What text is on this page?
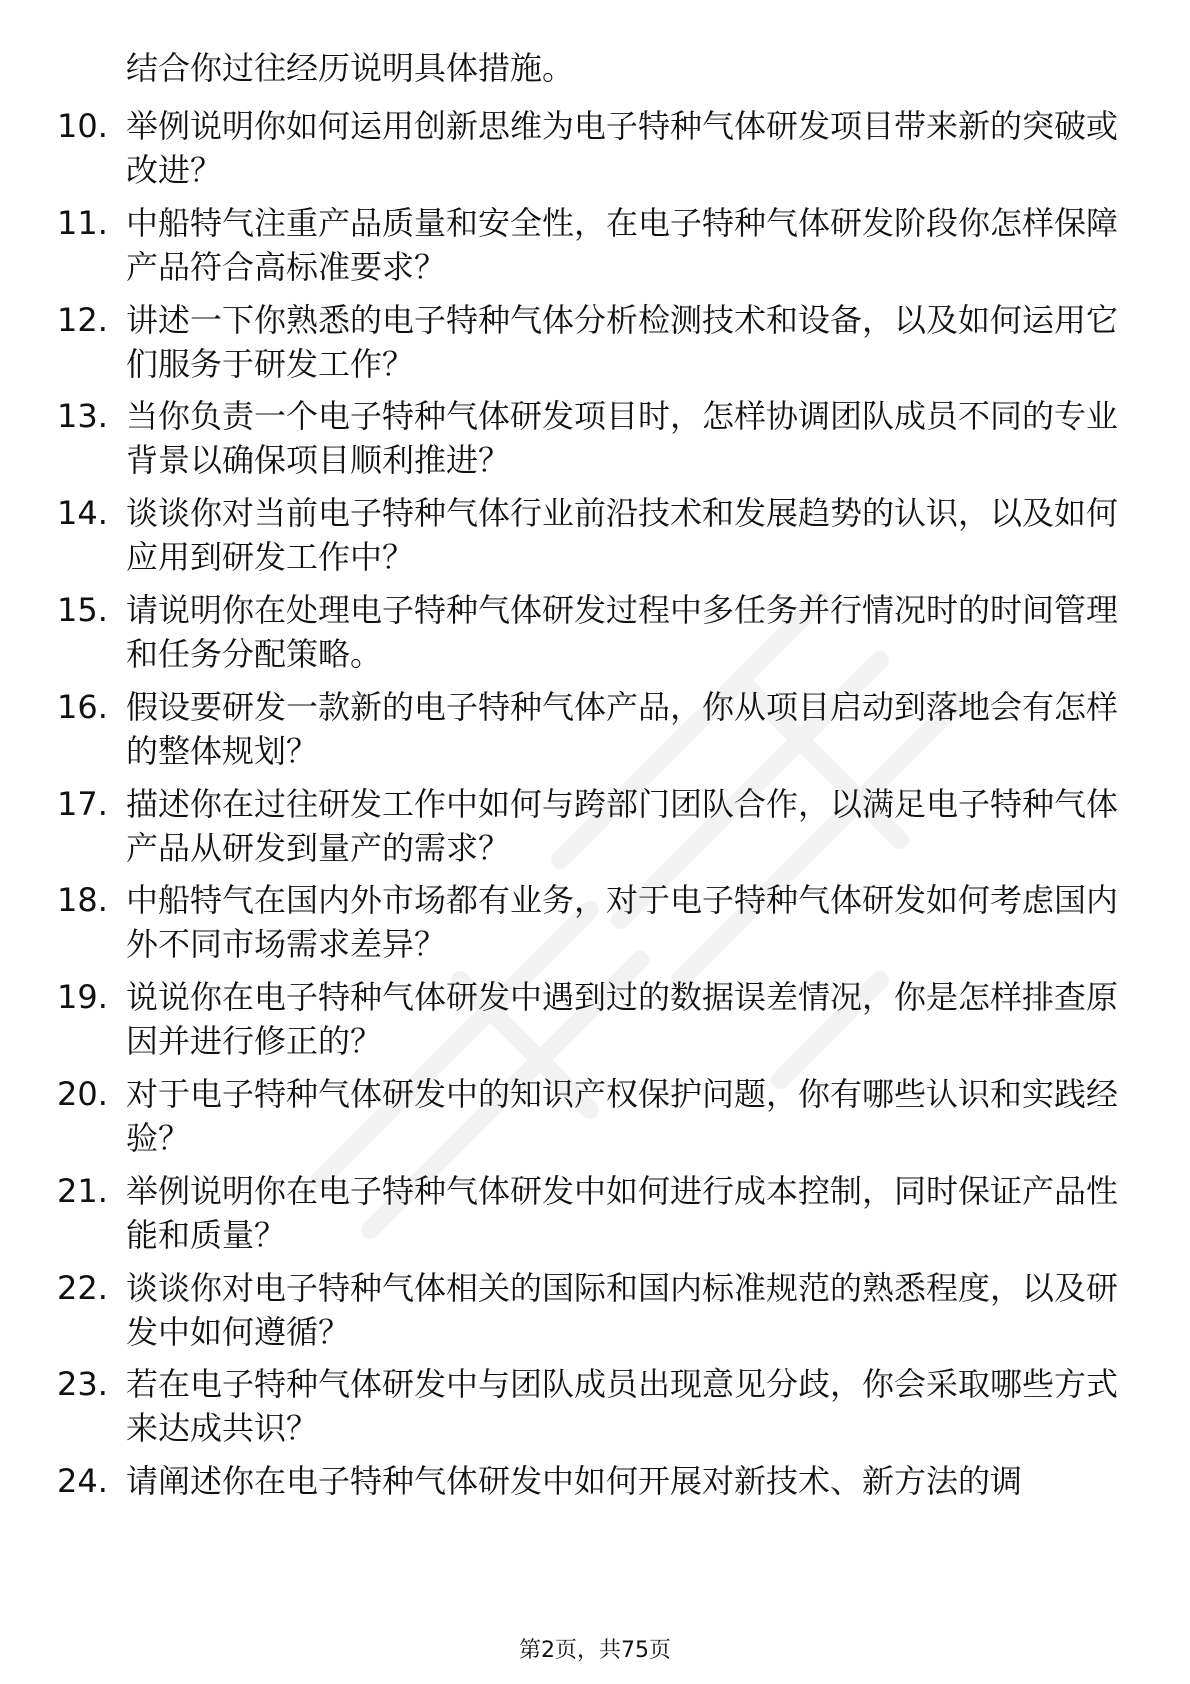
结合你过往经历说明具体措施。
10. 举例说明你如何运用创新思维为电子特种气体研发项目带来新的突破或改进？
11. 中船特气注重产品质量和安全性，在电子特种气体研发阶段你怎样保障产品符合高标准要求？
12. 讲述一下你熟悉的电子特种气体分析检测技术和设备，以及如何运用它们服务于研发工作？
13. 当你负责一个电子特种气体研发项目时，怎样协调团队成员不同的专业背景以确保项目顺利推进？
14. 谈谈你对当前电子特种气体行业前沿技术和发展趋势的认识，以及如何应用到研发工作中？
15. 请说明你在处理电子特种气体研发过程中多任务并行情况时的时间管理和任务分配策略。
16. 假设要研发一款新的电子特种气体产品，你从项目启动到落地会有怎样的整体规划？
17. 描述你在过往研发工作中如何与跨部门团队合作，以满足电子特种气体产品从研发到量产的需求？
18. 中船特气在国内外市场都有业务，对于电子特种气体研发如何考虑国内外不同市场需求差异？
19. 说说你在电子特种气体研发中遇到过的数据误差情况，你是怎样排查原因并进行修正的？
20. 对于电子特种气体研发中的知识产权保护问题，你有哪些认识和实践经验？
21. 举例说明你在电子特种气体研发中如何进行成本控制，同时保证产品性能和质量？
22. 谈谈你对电子特种气体相关的国际和国内标准规范的熟悉程度，以及研发中如何遵循？
23. 若在电子特种气体研发中与团队成员出现意见分歧，你会采取哪些方式来达成共识？
24. 请阐述你在电子特种气体研发中如何开展对新技术、新方法的调
第2页，共75页
